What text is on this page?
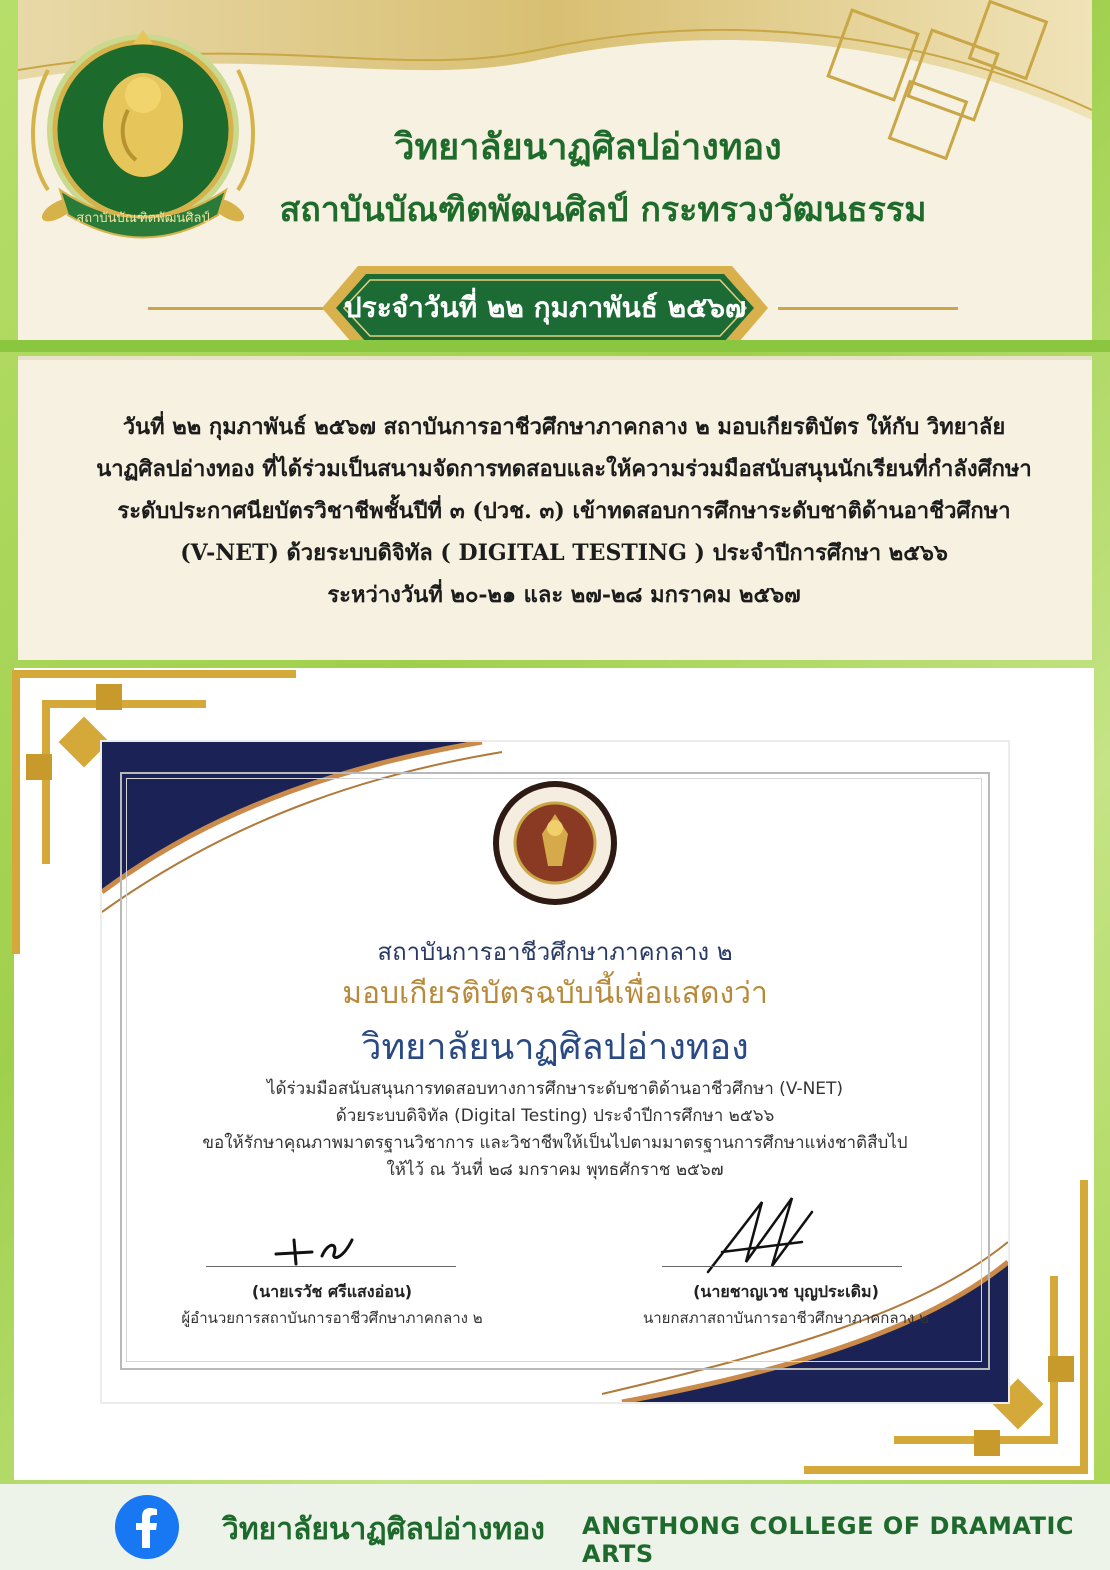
สถาบันบัณฑิตพัฒนศิลป์
วิทยาลัยนาฏศิลปอ่างทอง
สถาบันบัณฑิตพัฒนศิลป์ กระทรวงวัฒนธรรม
ประจำวันที่ ๒๒ กุมภาพันธ์ ๒๕๖๗

วันที่ ๒๒ กุมภาพันธ์ ๒๕๖๗ สถาบันการอาชีวศึกษาภาคกลาง ๒ มอบเกียรติบัตร ให้กับ วิทยาลัย

นาฏศิลปอ่างทอง ที่ได้ร่วมเป็นสนามจัดการทดสอบและให้ความร่วมมือสนับสนุนนักเรียนที่กำลังศึกษา

ระดับประกาศนียบัตรวิชาชีพชั้นปีที่ ๓ (ปวช. ๓) เข้าทดสอบการศึกษาระดับชาติด้านอาชีวศึกษา

(V-NET) ด้วยระบบดิจิทัล ( DIGITAL TESTING ) ประจำปีการศึกษา ๒๕๖๖

ระหว่างวันที่ ๒๐-๒๑ และ ๒๗-๒๘ มกราคม ๒๕๖๗

สถาบันการอาชีวศึกษาภาคกลาง ๒
มอบเกียรติบัตรฉบับนี้เพื่อแสดงว่า
วิทยาลัยนาฏศิลปอ่างทอง

ได้ร่วมมือสนับสนุนการทดสอบทางการศึกษาระดับชาติด้านอาชีวศึกษา (V-NET)

ด้วยระบบดิจิทัล (Digital Testing) ประจำปีการศึกษา ๒๕๖๖

ขอให้รักษาคุณภาพมาตรฐานวิชาการ และวิชาชีพให้เป็นไปตามมาตรฐานการศึกษาแห่งชาติสืบไป

ให้ไว้ ณ วันที่ ๒๘ มกราคม พุทธศักราช ๒๕๖๗

(นายเรวัช ศรีแสงอ่อน)
ผู้อำนวยการสถาบันการอาชีวศึกษาภาคกลาง ๒
(นายชาญเวช บุญประเดิม)
นายกสภาสถาบันการอาชีวศึกษาภาคกลาง ๒
วิทยาลัยนาฏศิลปอ่างทอง ANGTHONG COLLEGE OF DRAMATIC ARTS
